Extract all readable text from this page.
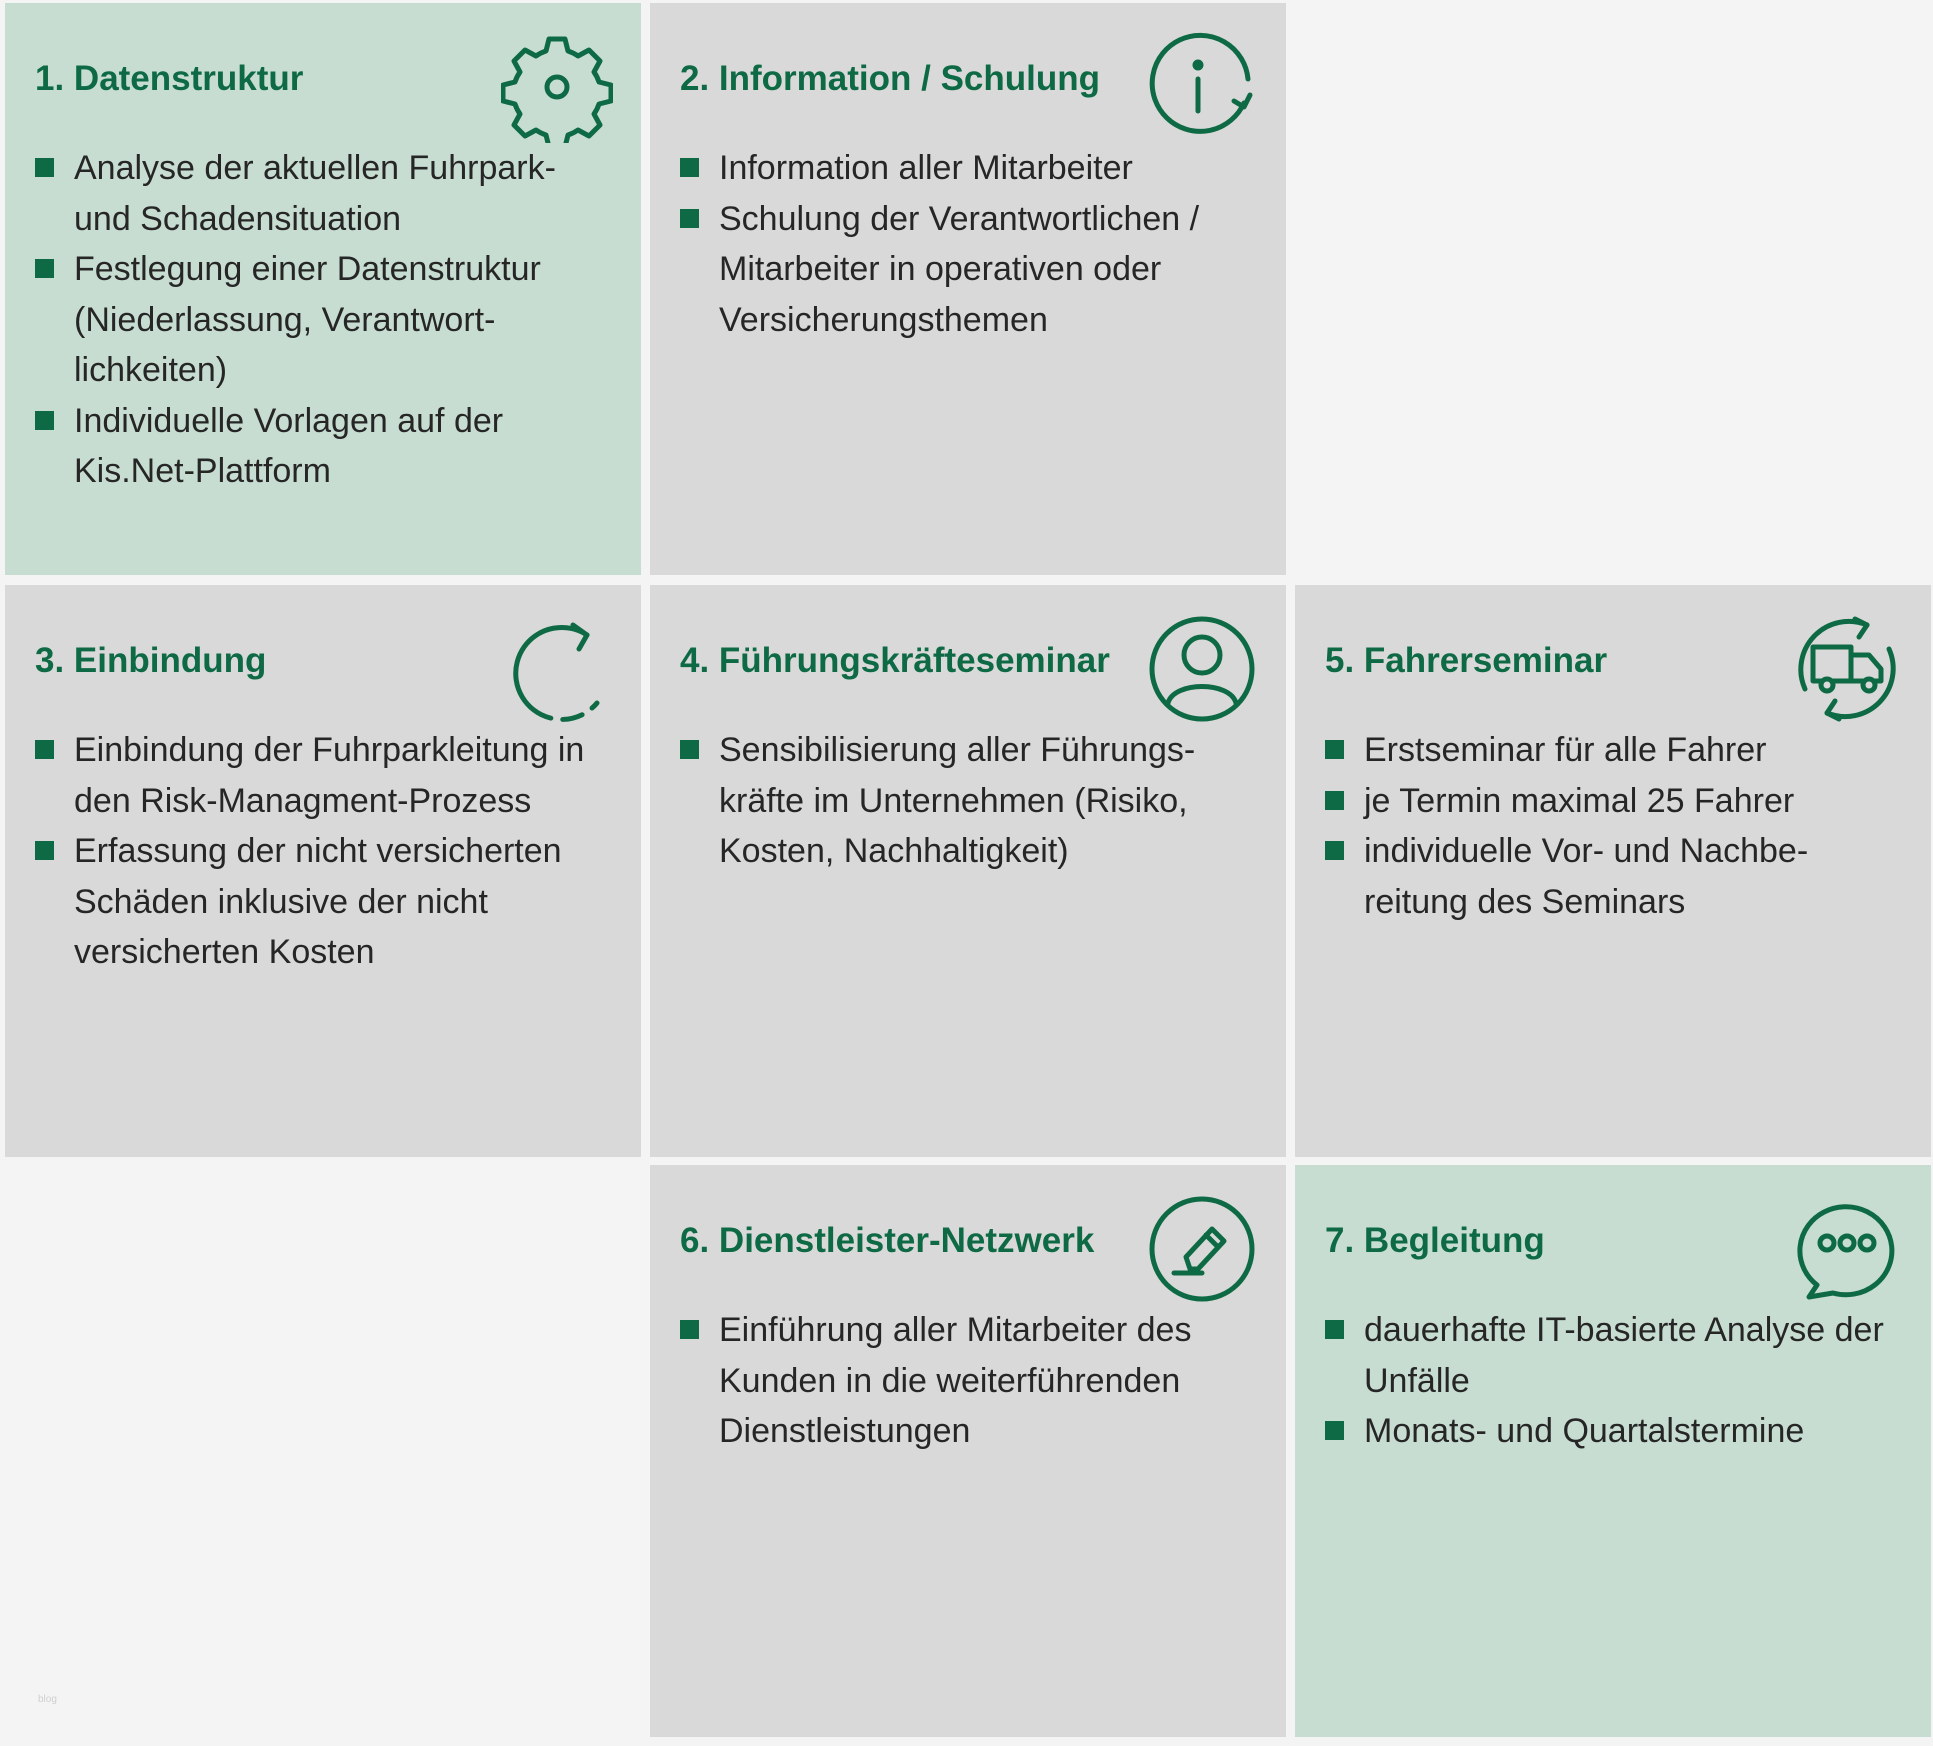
1. Datenstruktur
Analyse der aktuellen Fuhrpark- und Schadensituation
Festlegung einer Datenstruktur (Niederlassung, Verantwort-lichkeiten)
Individuelle Vorlagen auf der Kis.Net-Plattform
2. Information / Schulung
Information aller Mitarbeiter
Schulung der Verantwortlichen / Mitarbeiter in operativen oder Versicherungsthemen
3. Einbindung
Einbindung der Fuhrparkleitung in den Risk-Managment-Prozess
Erfassung der nicht versicherten Schäden inklusive der nicht versicherten Kosten
4. Führungskräfteseminar
Sensibilisierung aller Führungs-kräfte im Unternehmen (Risiko, Kosten, Nachhaltigkeit)
5. Fahrerseminar
Erstseminar für alle Fahrer
je Termin maximal 25 Fahrer
individuelle Vor- und Nachbe-reitung des Seminars
6. Dienstleister-Netzwerk
Einführung aller Mitarbeiter des Kunden in die weiterführenden Dienstleistungen
7. Begleitung
dauerhafte IT-basierte Analyse der Unfälle
Monats- und Quartalstermine
blog
